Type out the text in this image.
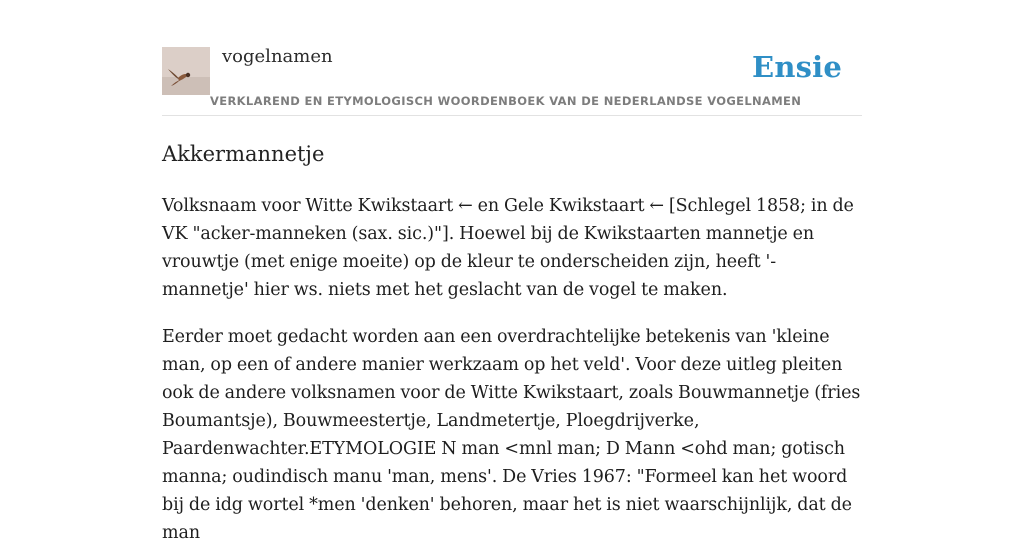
vogelnamen	Ensie
VERKLAREND EN ETYMOLOGISCH WOORDENBOEK VAN DE NEDERLANDSE VOGELNAMEN
Akkermannetje

Volksnaam voor Witte Kwikstaart ← en Gele Kwikstaart ← [Schlegel 1858; in de VK "acker-manneken (sax. sic.)"]. Hoewel bij de Kwikstaarten mannetje en vrouwtje (met enige moeite) op de kleur te onderscheiden zijn, heeft '-mannetje' hier ws. niets met het geslacht van de vogel te maken.

Eerder moet gedacht worden aan een overdrachtelijke betekenis van 'kleine man, op een of andere manier werkzaam op het veld'. Voor deze uitleg pleiten ook de andere volksnamen voor de Witte Kwikstaart, zoals Bouwmannetje (fries Boumantsje), Bouwmeestertje, Landmetertje, Ploegdrijverke, Paardenwachter.ETYMOLOGIE N man <mnl man; D Mann <ohd man; gotisch manna; oudindisch manu 'man, mens'. De Vries 1967: "Formeel kan het woord bij de idg wortel *men 'denken' behoren, maar het is niet waarschijnlijk, dat de man
